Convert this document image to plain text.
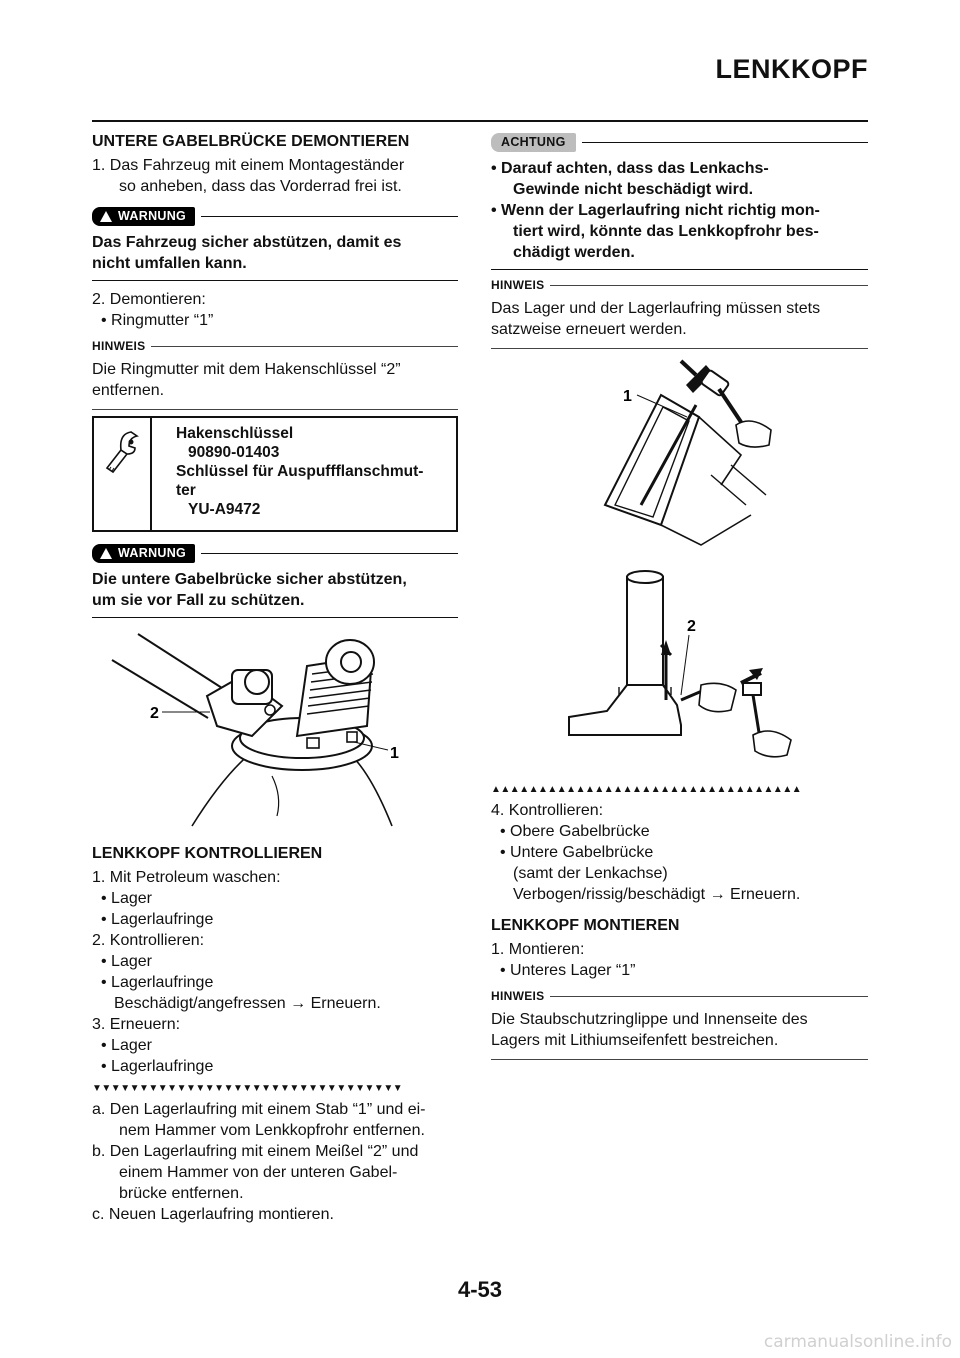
LENKKOPF
UNTERE GABELBRÜCKE DEMONTIEREN
1. Das Fahrzeug mit einem Montageständer
so anheben, dass das Vorderrad frei ist.
WARNUNG
Das Fahrzeug sicher abstützen, damit es
nicht umfallen kann.
2. Demontieren:
• Ringmutter “1”
HINWEIS
Die Ringmutter mit dem Hakenschlüssel “2”
entfernen.
Hakenschlüssel
90890-01403
Schlüssel für Auspuffflanschmut-
ter
YU-A9472
WARNUNG
Die untere Gabelbrücke sicher abstützen,
um sie vor Fall zu schützen.
2
1
LENKKOPF KONTROLLIEREN
1. Mit Petroleum waschen:
• Lager
• Lagerlaufringe
2. Kontrollieren:
• Lager
• Lagerlaufringe
Beschädigt/angefressen → Erneuern.
3. Erneuern:
• Lager
• Lagerlaufringe
▼▼▼▼▼▼▼▼▼▼▼▼▼▼▼▼▼▼▼▼▼▼▼▼▼▼▼▼▼▼▼▼▼
a. Den Lagerlaufring mit einem Stab “1” und ei-
nem Hammer vom Lenkkopfrohr entfernen.
b. Den Lagerlaufring mit einem Meißel “2” und
einem Hammer von der unteren Gabel-
brücke entfernen.
c. Neuen Lagerlaufring montieren.
ACHTUNG
• Darauf achten, dass das Lenkachs-
Gewinde nicht beschädigt wird.
• Wenn der Lagerlaufring nicht richtig mon-
tiert wird, könnte das Lenkkopfrohr bes-
chädigt werden.
HINWEIS
Das Lager und der Lagerlaufring müssen stets
satzweise erneuert werden.
1
2
▲▲▲▲▲▲▲▲▲▲▲▲▲▲▲▲▲▲▲▲▲▲▲▲▲▲▲▲▲▲▲▲▲
4. Kontrollieren:
• Obere Gabelbrücke
• Untere Gabelbrücke
(samt der Lenkachse)
Verbogen/rissig/beschädigt → Erneuern.
LENKKOPF MONTIEREN
1. Montieren:
• Unteres Lager “1”
HINWEIS
Die Staubschutzringlippe und Innenseite des
Lagers mit Lithiumseifenfett bestreichen.
4-53
carmanualsonline.info
